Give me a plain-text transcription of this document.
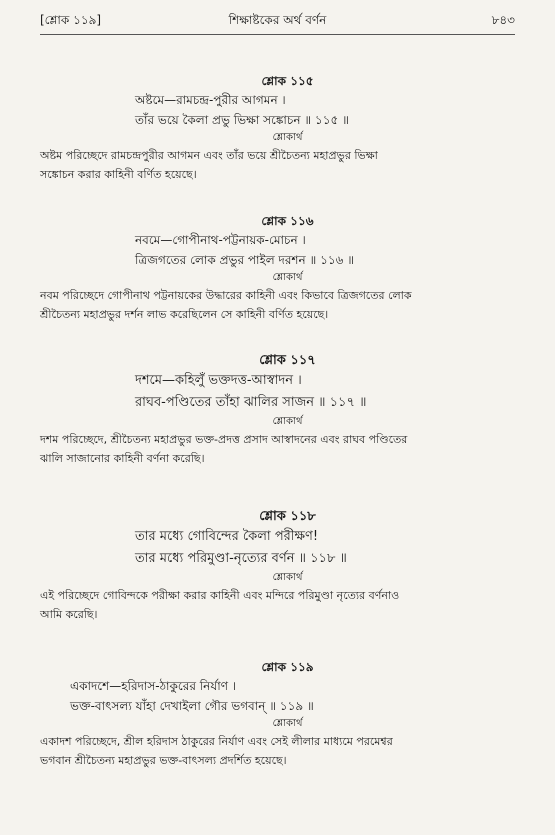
[শ্লোক ১১৯]	শিক্ষাষ্টকের অর্থ বর্ণন	৮৪৩
শ্লোক ১১৫
অষ্টমে—রামচন্দ্র-পুরীর আগমন ।
তাঁর ভয়ে কৈলা প্রভু ভিক্ষা সঙ্কোচন ॥ ১১৫ ॥
শ্লোকার্থ
অষ্টম পরিচ্ছেদে রামচন্দ্রপুরীর আগমন এবং তাঁর ভয়ে শ্রীচৈতন্য মহাপ্রভুর ভিক্ষা
সঙ্কোচন করার কাহিনী বর্ণিত হয়েছে।
শ্লোক ১১৬
নবমে—গোপীনাথ-পট্টনায়ক-মোচন ।
ত্রিজগতের লোক প্রভুর পাইল দরশন ॥ ১১৬ ॥
শ্লোকার্থ
নবম পরিচ্ছেদে গোপীনাথ পট্টনায়কের উদ্ধারের কাহিনী এবং কিভাবে ত্রিজগতের লোক
শ্রীচৈতন্য মহাপ্রভুর দর্শন লাভ করেছিলেন সে কাহিনী বর্ণিত হয়েছে।
শ্লোক ১১৭
দশমে—কহিলুঁ ভক্তদত্ত-আস্বাদন ।
রাঘব-পণ্ডিতের তাঁহা ঝালির সাজন ॥ ১১৭ ॥
শ্লোকার্থ
দশম পরিচ্ছেদে, শ্রীচৈতন্য মহাপ্রভুর ভক্ত-প্রদত্ত প্রসাদ আস্বাদনের এবং রাঘব পণ্ডিতের
ঝালি সাজানোর কাহিনী বর্ণনা করেছি।
শ্লোক ১১৮
তার মধ্যে গোবিন্দের কৈলা পরীক্ষণ!
তার মধ্যে পরিমুণ্ডা-নৃত্যের বর্ণন ॥ ১১৮ ॥
শ্লোকার্থ
এই পরিচ্ছেদে গোবিন্দকে পরীক্ষা করার কাহিনী এবং মন্দিরে পরিমুণ্ডা নৃত্যের বর্ণনাও
আমি করেছি।
শ্লোক ১১৯
একাদশে—হরিদাস-ঠাকুরের নির্যাণ ।
ভক্ত-বাৎসল্য যাঁহা দেখাইলা গৌর ভগবান্ ॥ ১১৯ ॥
শ্লোকার্থ
একাদশ পরিচ্ছেদে, শ্রীল হরিদাস ঠাকুরের নির্যাণ এবং সেই লীলার মাধ্যমে পরমেশ্বর
ভগবান শ্রীচৈতন্য মহাপ্রভুর ভক্ত-বাৎসল্য প্রদর্শিত হয়েছে।
